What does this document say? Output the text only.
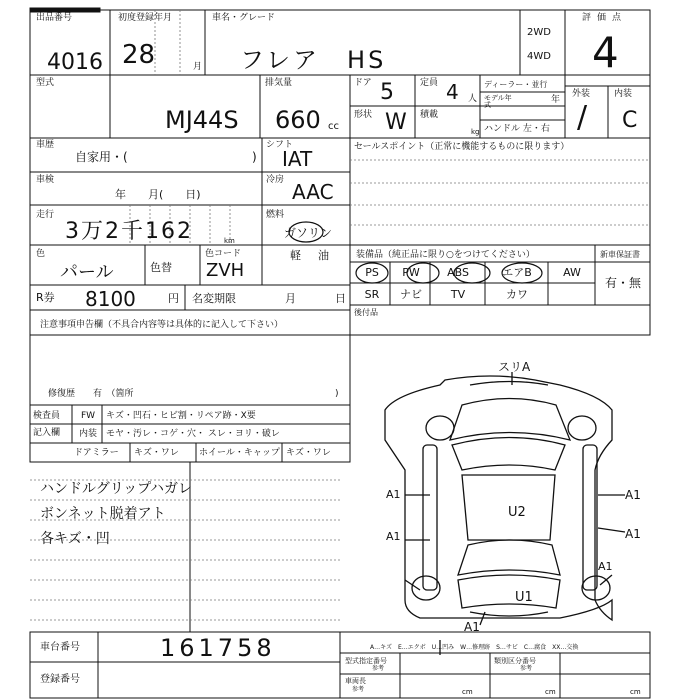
出品番号
4016
初度登録年月
28	月
車名・グレード
フレア　HS
2WD
4WD
評価点
4
型式
MJ44S
排気量
660 cc
ドア 5	定員 4 人
ディーラー・並行
モデル年式	年
形状 W 積載
kg ハンドル 左・右
外装	内装
/ C
車歴
自家用・(	)
シフト
IAT	セールスポイント（正常に機能するものに限ります）
車検
年　　月(　　日)
冷房 AAC
走行
3万2千162	km
燃料
ガソリン
軽 油
色
パール	色替
色コード
ZVH
R券 8100	円 名変期限	月	日
装備品（純正品に限り○をつけてください）	新車保証書
有・無
PS	PW	ABS	エアB	AW
SR	ナビ	TV	カワ
後付品
注意事項申告欄（不具合内容等は具体的に記入して下さい）
修復歴　　有　（箇所	)
検査員
記入欄
FW	キズ・凹石・ヒビ割・リペア跡・X要
内装	モヤ・汚レ・コゲ・穴・ スレ・ヨリ・破レ
ドアミラー キズ・ワレ ホイール・キャップ キズ・ワレ
ハンドルグリップハガレ
ボンネット脱着アト
各キズ・凹
スリA
A1
A1
A1
U2
A1
U1
A1
A1
A…キズ　E…エクボ　U…凹み　W…修理跡　S…サビ　C…腐食　XX…交換
型式指定番号
参考
類別区分番号
参考
車両長
参考	cm	cm	cm
車台番号	161758
登録番号
